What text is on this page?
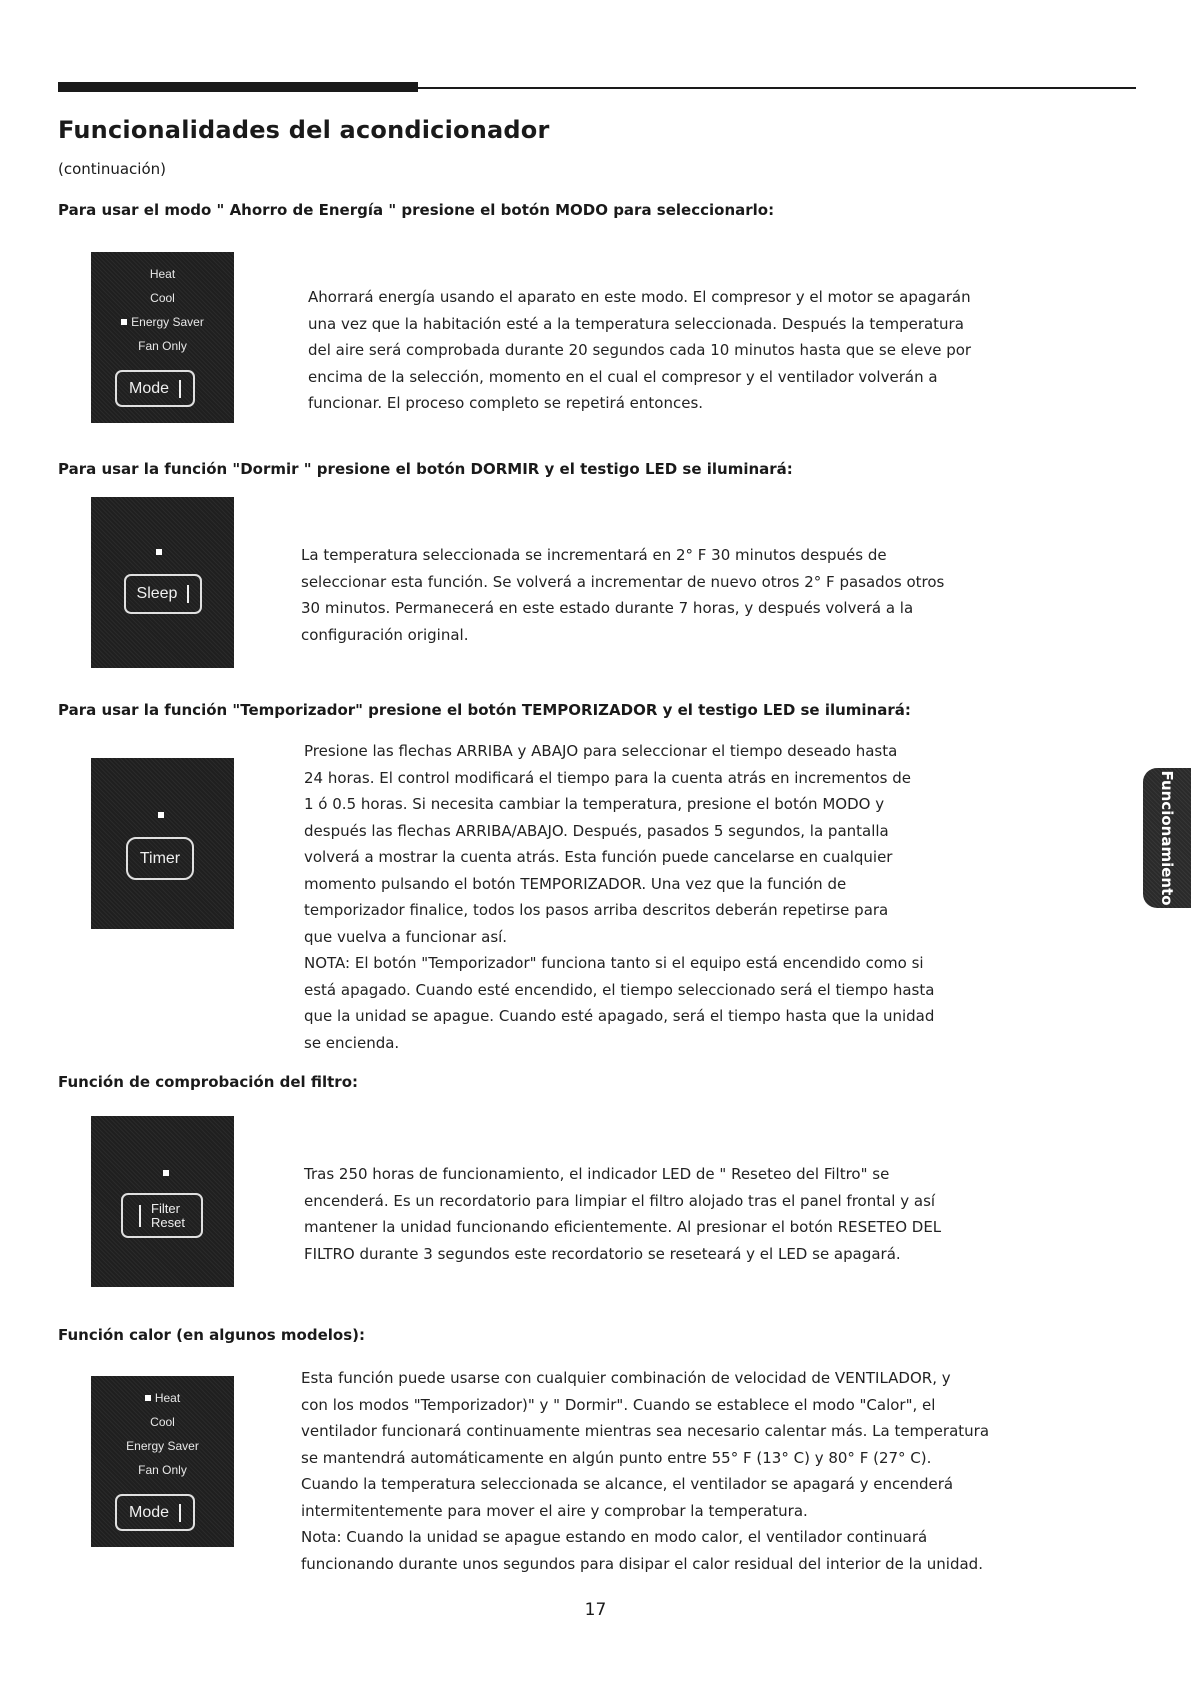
Funcionalidades del acondicionador
(continuación)
Para usar el modo " Ahorro de Energía " presione el botón MODO para seleccionarlo:
Heat
Cool
Energy Saver
Fan Only
Mode
Ahorrará energía usando el aparato en este modo. El compresor y el motor se apagarán
una vez que la habitación esté a la temperatura seleccionada. Después la temperatura
del aire será comprobada durante 20 segundos cada 10 minutos hasta que se eleve por
encima de la selección, momento en el cual el compresor y el ventilador volverán a
funcionar. El proceso completo se repetirá entonces.
Para usar la función "Dormir " presione el botón DORMIR y el testigo LED se iluminará:
Sleep
La temperatura seleccionada se incrementará en 2° F 30 minutos después de
seleccionar esta función. Se volverá a incrementar de nuevo otros 2° F pasados otros
30 minutos. Permanecerá en este estado durante 7 horas, y después volverá a la
configuración original.
Para usar la función "Temporizador" presione el botón TEMPORIZADOR y el testigo LED se iluminará:
Timer
Presione las flechas ARRIBA y ABAJO para seleccionar el tiempo deseado hasta
24 horas. El control modificará el tiempo para la cuenta atrás en incrementos de
1 ó 0.5 horas. Si necesita cambiar la temperatura, presione el botón MODO y
después las flechas ARRIBA/ABAJO. Después, pasados 5 segundos, la pantalla
volverá a mostrar la cuenta atrás. Esta función puede cancelarse en cualquier
momento pulsando el botón TEMPORIZADOR. Una vez que la función de
temporizador finalice, todos los pasos arriba descritos deberán repetirse para
que vuelva a funcionar así.
NOTA: El botón "Temporizador" funciona tanto si el equipo está encendido como si
está apagado. Cuando esté encendido, el tiempo seleccionado será el tiempo hasta
que la unidad se apague. Cuando esté apagado, será el tiempo hasta que la unidad
se encienda.
Función de comprobación del filtro:
Filter
Reset
Tras 250 horas de funcionamiento, el indicador LED de " Reseteo del Filtro" se
encenderá. Es un recordatorio para limpiar el filtro alojado tras el panel frontal y así
mantener la unidad funcionando eficientemente. Al presionar el botón RESETEO DEL
FILTRO durante 3 segundos este recordatorio se reseteará y el LED se apagará.
Función calor (en algunos modelos):
Heat
Cool
Energy Saver
Fan Only
Mode
Esta función puede usarse con cualquier combinación de velocidad de VENTILADOR, y
con los modos "Temporizador)" y " Dormir". Cuando se establece el modo "Calor", el
ventilador funcionará continuamente mientras sea necesario calentar más. La temperatura
se mantendrá automáticamente en algún punto entre 55° F (13° C) y 80° F (27° C).
Cuando la temperatura seleccionada se alcance, el ventilador se apagará y encenderá
intermitentemente para mover el aire y comprobar la temperatura.
Nota: Cuando la unidad se apague estando en modo calor, el ventilador continuará
funcionando durante unos segundos para disipar el calor residual del interior de la unidad.
Funcionamiento
17
